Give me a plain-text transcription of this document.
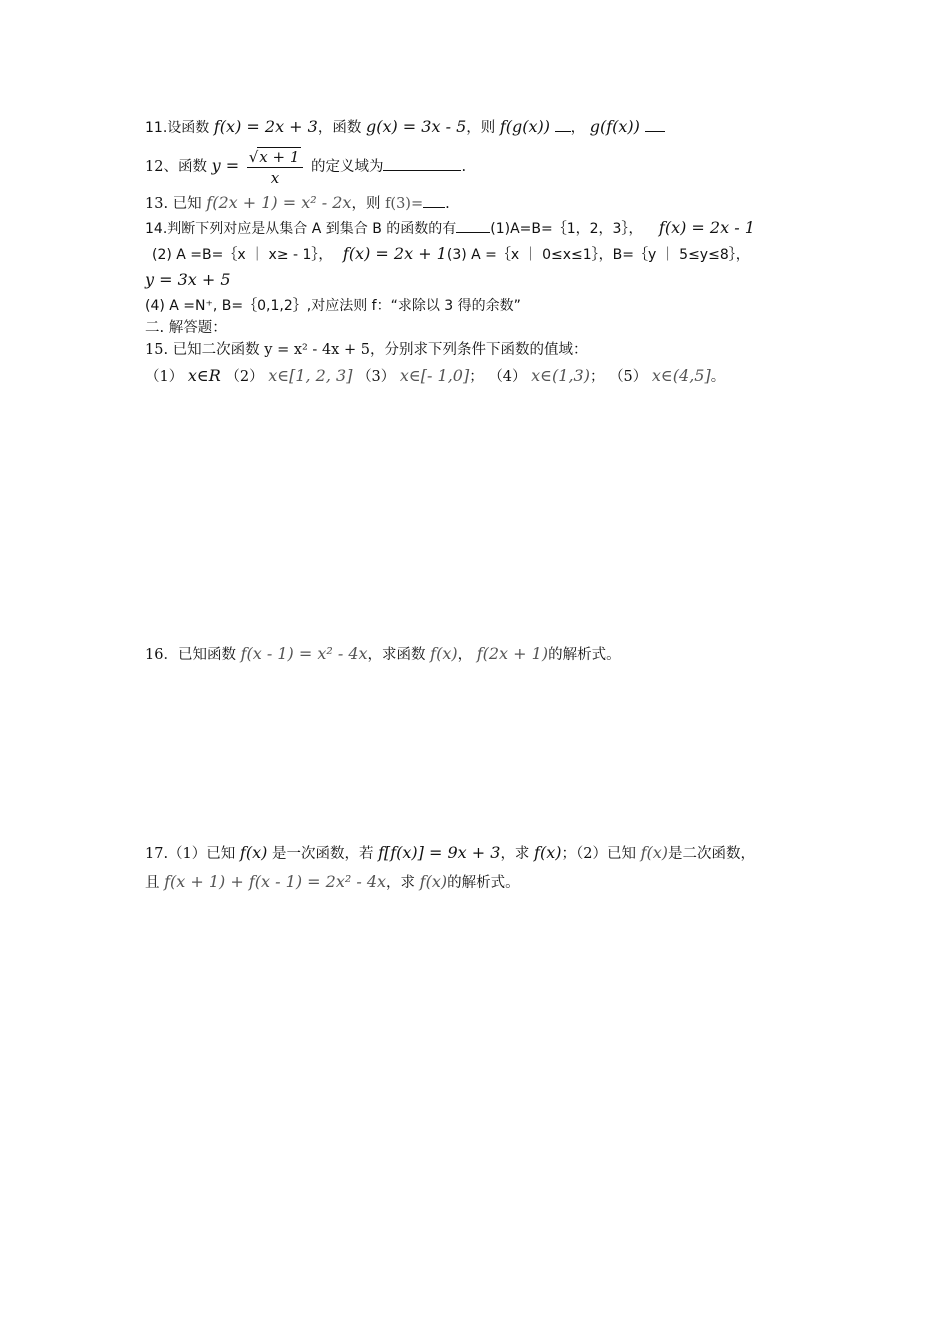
11.设函数 f(x) = 2x + 3，函数 g(x) = 3x - 5，则 f(g(x)) ， g(f(x))
12、函数 $y = \frac{√x + 1}{x}$ 的定义域为	.
13. 已知 f(2x + 1) = x² - 2x，则 f(3)= .
14.判断下列对应是从集合 A 到集合 B 的函数的有 (1)A=B=｛1，2，3｝， f(x) = 2x - 1
(2) A =B=｛x ｜ x≥ - 1｝， f(x) = 2x + 1(3) A =｛x ｜ 0≤x≤1｝，B=｛y ｜ 5≤y≤8｝，
y = 3x + 5
(4) A =N⁺, B=｛0,1,2｝,对应法则 f：“求除以 3 得的余数”
二. 解答题：
15. 已知二次函数 y = x² - 4x + 5，分别求下列条件下函数的值域：
（1） x∈R （2） x∈[1, 2, 3] （3） x∈[- 1,0]； （4） x∈(1,3)； （5） x∈(4,5]。
16．已知函数 f(x - 1) = x² - 4x，求函数 f(x)， f(2x + 1)的解析式。
17.（1）已知 f(x) 是一次函数，若 f[f(x)] = 9x + 3，求 f(x)；（2）已知 f(x)是二次函数，
且 f(x + 1) + f(x - 1) = 2x² - 4x，求 f(x)的解析式。
